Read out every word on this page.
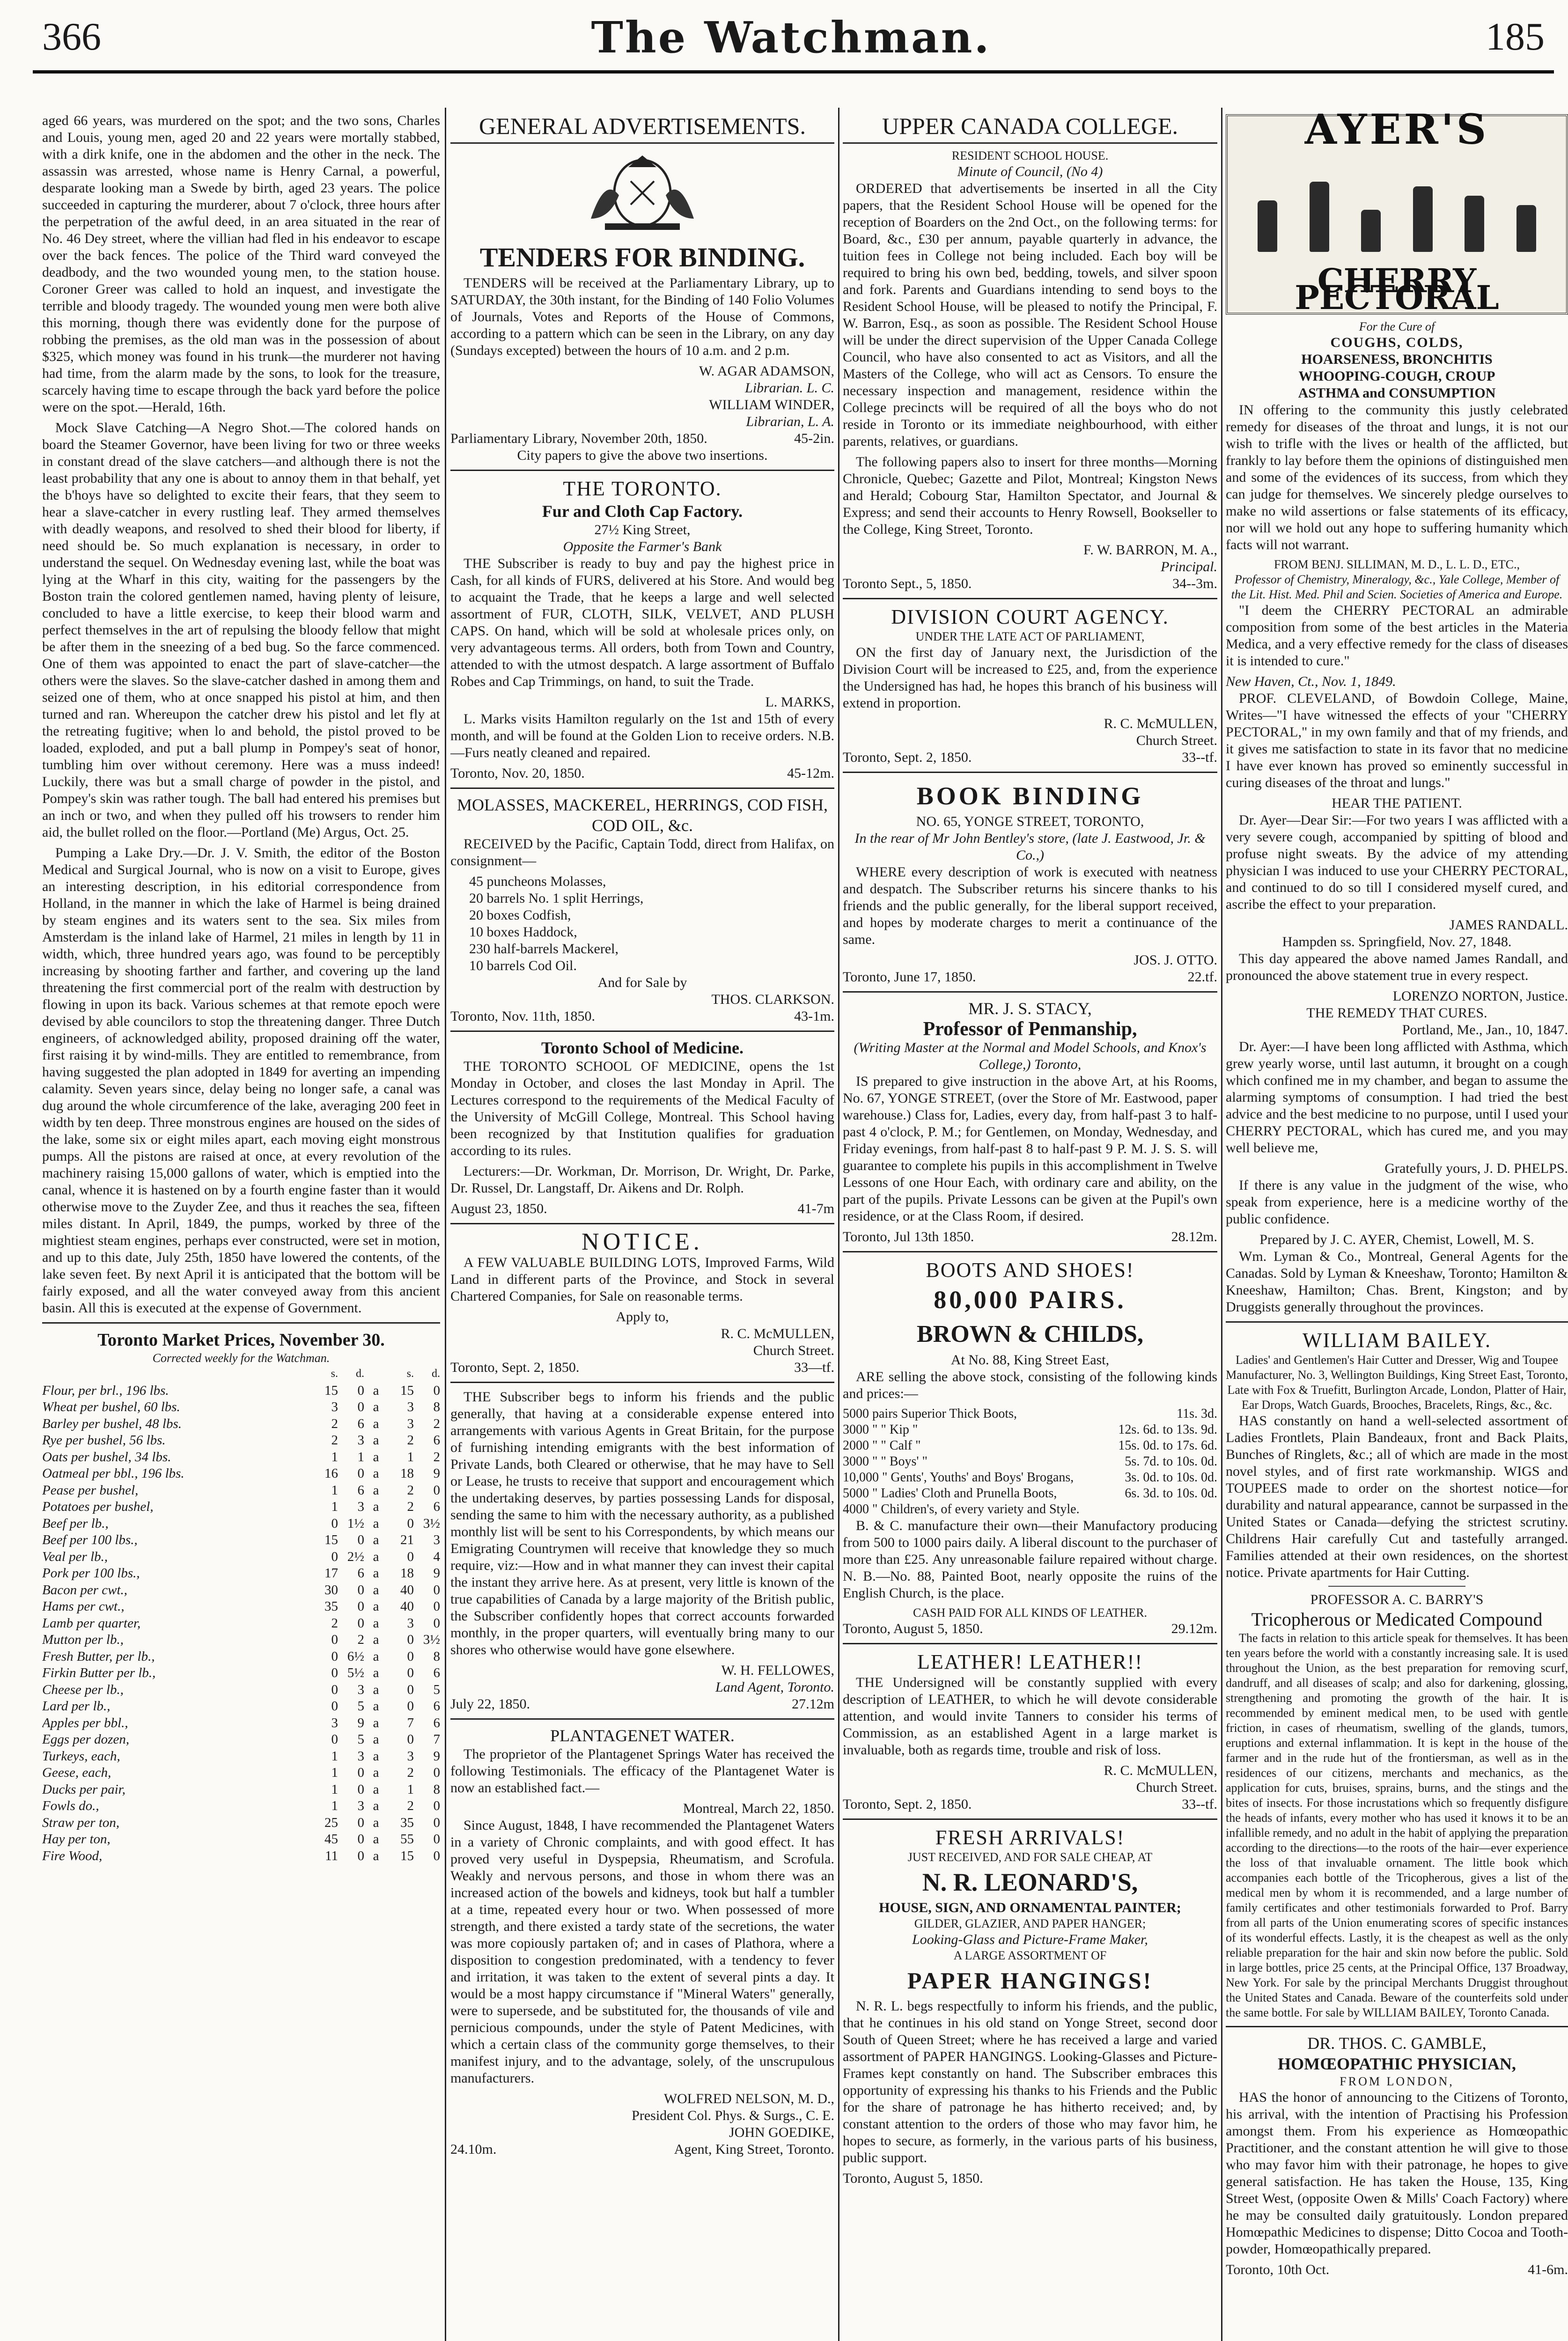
366	The Watchman.	185

aged 66 years, was murdered on the spot; and the two sons, Charles and Louis, young men, aged 20 and 22 years were mortally stabbed, with a dirk knife, one in the abdomen and the other in the neck. The assassin was arrested, whose name is Henry Carnal, a powerful, desparate looking man a Swede by birth, aged 23 years. The police succeeded in capturing the murderer, about 7 o'clock, three hours after the perpetration of the awful deed, in an area situated in the rear of No. 46 Dey street, where the villian had fled in his endeavor to escape over the back fences. The police of the Third ward conveyed the deadbody, and the two wounded young men, to the station house. Coroner Greer was called to hold an inquest, and investigate the terrible and bloody tragedy. The wounded young men were both alive this morning, though there was evidently done for the purpose of robbing the premises, as the old man was in the possession of about $325, which money was found in his trunk—the murderer not having had time, from the alarm made by the sons, to look for the treasure, scarcely having time to escape through the back yard before the police were on the spot.—Herald, 16th.

Mock Slave Catching—A Negro Shot.—The colored hands on board the Steamer Governor, have been living for two or three weeks in constant dread of the slave catchers—and although there is not the least probability that any one is about to annoy them in that behalf, yet the b'hoys have so delighted to excite their fears, that they seem to hear a slave-catcher in every rustling leaf. They armed themselves with deadly weapons, and resolved to shed their blood for liberty, if need should be. So much explanation is necessary, in order to understand the sequel. On Wednesday evening last, while the boat was lying at the Wharf in this city, waiting for the passengers by the Boston train the colored gentlemen named, having plenty of leisure, concluded to have a little exercise, to keep their blood warm and perfect themselves in the art of repulsing the bloody fellow that might be after them in the sneezing of a bed bug. So the farce commenced. One of them was appointed to enact the part of slave-catcher—the others were the slaves. So the slave-catcher dashed in among them and seized one of them, who at once snapped his pistol at him, and then turned and ran. Whereupon the catcher drew his pistol and let fly at the retreating fugitive; when lo and behold, the pistol proved to be loaded, exploded, and put a ball plump in Pompey's seat of honor, tumbling him over without ceremony. Here was a muss indeed! Luckily, there was but a small charge of powder in the pistol, and Pompey's skin was rather tough. The ball had entered his premises but an inch or two, and when they pulled off his trowsers to render him aid, the bullet rolled on the floor.—Portland (Me) Argus, Oct. 25.

Pumping a Lake Dry.—Dr. J. V. Smith, the editor of the Boston Medical and Surgical Journal, who is now on a visit to Europe, gives an interesting description, in his editorial correspondence from Holland, in the manner in which the lake of Harmel is being drained by steam engines and its waters sent to the sea. Six miles from Amsterdam is the inland lake of Harmel, 21 miles in length by 11 in width, which, three hundred years ago, was found to be perceptibly increasing by shooting farther and farther, and covering up the land threatening the first commercial port of the realm with destruction by flowing in upon its back. Various schemes at that remote epoch were devised by able councilors to stop the threatening danger. Three Dutch engineers, of acknowledged ability, proposed draining off the water, first raising it by wind-mills. They are entitled to remembrance, from having suggested the plan adopted in 1849 for averting an impending calamity. Seven years since, delay being no longer safe, a canal was dug around the whole circumference of the lake, averaging 200 feet in width by ten deep. Three monstrous engines are housed on the sides of the lake, some six or eight miles apart, each moving eight monstrous pumps. All the pistons are raised at once, at every revolution of the machinery raising 15,000 gallons of water, which is emptied into the canal, whence it is hastened on by a fourth engine faster than it would otherwise move to the Zuyder Zee, and thus it reaches the sea, fifteen miles distant. In April, 1849, the pumps, worked by three of the mightiest steam engines, perhaps ever constructed, were set in motion, and up to this date, July 25th, 1850 have lowered the contents, of the lake seven feet. By next April it is anticipated that the bottom will be fairly exposed, and all the water conveyed away from this ancient basin. All this is executed at the expense of Government.

Toronto Market Prices, November 30.
Corrected weekly for the Watchman.
	s.	d.		s.	d.
Flour, per brl., 196 lbs.	15	0	a	15	0
Wheat per bushel, 60 lbs.	3	0	a	3	8
Barley per bushel, 48 lbs.	2	6	a	3	2
Rye per bushel, 56 lbs.	2	3	a	2	6
Oats per bushel, 34 lbs.	1	1	a	1	2
Oatmeal per bbl., 196 lbs.	16	0	a	18	9
Pease per bushel,	1	6	a	2	0
Potatoes per bushel,	1	3	a	2	6
Beef per lb.,	0	1½	a	0	3½
Beef per 100 lbs.,	15	0	a	21	3
Veal per lb.,	0	2½	a	0	4
Pork per 100 lbs.,	17	6	a	18	9
Bacon per cwt.,	30	0	a	40	0
Hams per cwt.,	35	0	a	40	0
Lamb per quarter,	2	0	a	3	0
Mutton per lb.,	0	2	a	0	3½
Fresh Butter, per lb.,	0	6½	a	0	8
Firkin Butter per lb.,	0	5½	a	0	6
Cheese per lb.,	0	3	a	0	5
Lard per lb.,	0	5	a	0	6
Apples per bbl.,	3	9	a	7	6
Eggs per dozen,	0	5	a	0	7
Turkeys, each,	1	3	a	3	9
Geese, each,	1	0	a	2	0
Ducks per pair,	1	0	a	1	8
Fowls do.,	1	3	a	2	0
Straw per ton,	25	0	a	35	0
Hay per ton,	45	0	a	55	0
Fire Wood,	11	0	a	15	0
GENERAL ADVERTISEMENTS.
TENDERS FOR BINDING.

TENDERS will be received at the Parliamentary Library, up to SATURDAY, the 30th instant, for the Binding of 140 Folio Volumes of Journals, Votes and Reports of the House of Commons, according to a pattern which can be seen in the Library, on any day (Sundays excepted) between the hours of 10 a.m. and 2 p.m.

W. AGAR ADAMSON,
Librarian. L. C.
WILLIAM WINDER,
Librarian, L. A.
Parliamentary Library, November 20th, 1850.	45-2in.
City papers to give the above two insertions.
THE TORONTO.
Fur and Cloth Cap Factory.
27½ King Street,
Opposite the Farmer's Bank

THE Subscriber is ready to buy and pay the highest price in Cash, for all kinds of FURS, delivered at his Store. And would beg to acquaint the Trade, that he keeps a large and well selected assortment of FUR, CLOTH, SILK, VELVET, AND PLUSH CAPS. On hand, which will be sold at wholesale prices only, on very advantageous terms. All orders, both from Town and Country, attended to with the utmost despatch. A large assortment of Buffalo Robes and Cap Trimmings, on hand, to suit the Trade.

L. MARKS,

L. Marks visits Hamilton regularly on the 1st and 15th of every month, and will be found at the Golden Lion to receive orders. N.B.—Furs neatly cleaned and repaired.

Toronto, Nov. 20, 1850.	45-12m.
MOLASSES, MACKEREL, HERRINGS, COD FISH, COD OIL, &c.

RECEIVED by the Pacific, Captain Todd, direct from Halifax, on consignment—

45 puncheons Molasses,
20 barrels No. 1 split Herrings,
20 boxes Codfish,
10 boxes Haddock,
230 half-barrels Mackerel,
10 barrels Cod Oil.
And for Sale by
THOS. CLARKSON.
Toronto, Nov. 11th, 1850.	43-1m.
Toronto School of Medicine.

THE TORONTO SCHOOL OF MEDICINE, opens the 1st Monday in October, and closes the last Monday in April. The Lectures correspond to the requirements of the Medical Faculty of the University of McGill College, Montreal. This School having been recognized by that Institution qualifies for graduation according to its rules.

Lecturers:—Dr. Workman, Dr. Morrison, Dr. Wright, Dr. Parke, Dr. Russel, Dr. Langstaff, Dr. Aikens and Dr. Rolph.

August 23, 1850.	41-7m
NOTICE.

A FEW VALUABLE BUILDING LOTS, Improved Farms, Wild Land in different parts of the Province, and Stock in several Chartered Companies, for Sale on reasonable terms.

Apply to,
R. C. McMULLEN,
Church Street.
Toronto, Sept. 2, 1850.	33—tf.

THE Subscriber begs to inform his friends and the public generally, that having at a considerable expense entered into arrangements with various Agents in Great Britain, for the purpose of furnishing intending emigrants with the best information of Private Lands, both Cleared or otherwise, that he may have to Sell or Lease, he trusts to receive that support and encouragement which the undertaking deserves, by parties possessing Lands for disposal, sending the same to him with the necessary authority, as a published monthly list will be sent to his Correspondents, by which means our Emigrating Countrymen will receive that knowledge they so much require, viz:—How and in what manner they can invest their capital the instant they arrive here. As at present, very little is known of the true capabilities of Canada by a large majority of the British public, the Subscriber confidently hopes that correct accounts forwarded monthly, in the proper quarters, will eventually bring many to our shores who otherwise would have gone elsewhere.

W. H. FELLOWES,
Land Agent, Toronto.
July 22, 1850.	27.12m
PLANTAGENET WATER.

The proprietor of the Plantagenet Springs Water has received the following Testimonials. The efficacy of the Plantagenet Water is now an established fact.—

Montreal, March 22, 1850.

Since August, 1848, I have recommended the Plantagenet Waters in a variety of Chronic complaints, and with good effect. It has proved very useful in Dyspepsia, Rheumatism, and Scrofula. Weakly and nervous persons, and those in whom there was an increased action of the bowels and kidneys, took but half a tumbler at a time, repeated every hour or two. When possessed of more strength, and there existed a tardy state of the secretions, the water was more copiously partaken of; and in cases of Plathora, where a disposition to congestion predominated, with a tendency to fever and irritation, it was taken to the extent of several pints a day. It would be a most happy circumstance if "Mineral Waters" generally, were to supersede, and be substituted for, the thousands of vile and pernicious compounds, under the style of Patent Medicines, with which a certain class of the community gorge themselves, to their manifest injury, and to the advantage, solely, of the unscrupulous manufacturers.

WOLFRED NELSON, M. D.,
President Col. Phys. & Surgs., C. E.
JOHN GOEDIKE,
24.10m.	Agent, King Street, Toronto.
UPPER CANADA COLLEGE.
RESIDENT SCHOOL HOUSE.
Minute of Council, (No 4)

ORDERED that advertisements be inserted in all the City papers, that the Resident School House will be opened for the reception of Boarders on the 2nd Oct., on the following terms: for Board, &c., £30 per annum, payable quarterly in advance, the tuition fees in College not being included. Each boy will be required to bring his own bed, bedding, towels, and silver spoon and fork. Parents and Guardians intending to send boys to the Resident School House, will be pleased to notify the Principal, F. W. Barron, Esq., as soon as possible. The Resident School House will be under the direct supervision of the Upper Canada College Council, who have also consented to act as Visitors, and all the Masters of the College, who will act as Censors. To ensure the necessary inspection and management, residence within the College precincts will be required of all the boys who do not reside in Toronto or its immediate neighbourhood, with either parents, relatives, or guardians.

The following papers also to insert for three months—Morning Chronicle, Quebec; Gazette and Pilot, Montreal; Kingston News and Herald; Cobourg Star, Hamilton Spectator, and Journal & Express; and send their accounts to Henry Rowsell, Bookseller to the College, King Street, Toronto.

F. W. BARRON, M. A.,
Principal.
Toronto Sept., 5, 1850.	34--3m.
DIVISION COURT AGENCY.
UNDER THE LATE ACT OF PARLIAMENT,

ON the first day of January next, the Jurisdiction of the Division Court will be increased to £25, and, from the experience the Undersigned has had, he hopes this branch of his business will extend in proportion.

R. C. McMULLEN,
Church Street.
Toronto, Sept. 2, 1850.	33--tf.
BOOK BINDING
NO. 65, YONGE STREET, TORONTO,
In the rear of Mr John Bentley's store, (late J. Eastwood, Jr. & Co.,)

WHERE every description of work is executed with neatness and despatch. The Subscriber returns his sincere thanks to his friends and the public generally, for the liberal support received, and hopes by moderate charges to merit a continuance of the same.

JOS. J. OTTO.
Toronto, June 17, 1850.	22.tf.
MR. J. S. STACY,
Professor of Penmanship,
(Writing Master at the Normal and Model Schools, and Knox's College,) Toronto,

IS prepared to give instruction in the above Art, at his Rooms, No. 67, YONGE STREET, (over the Store of Mr. Eastwood, paper warehouse.) Class for, Ladies, every day, from half-past 3 to half-past 4 o'clock, P. M.; for Gentlemen, on Monday, Wednesday, and Friday evenings, from half-past 8 to half-past 9 P. M. J. S. S. will guarantee to complete his pupils in this accomplishment in Twelve Lessons of one Hour Each, with ordinary care and ability, on the part of the pupils. Private Lessons can be given at the Pupil's own residence, or at the Class Room, if desired.

Toronto, Jul 13th 1850.	28.12m.
BOOTS AND SHOES!
80,000 PAIRS.
BROWN & CHILDS,
At No. 88, King Street East,

ARE selling the above stock, consisting of the following kinds and prices:—

5000 pairs Superior Thick Boots,	11s. 3d.
3000 " " Kip "	12s. 6d. to 13s. 9d.
2000 " " Calf "	15s. 0d. to 17s. 6d.
3000 " " Boys' "	5s. 7d. to 10s. 0d.
10,000 " Gents', Youths' and Boys' Brogans,	3s. 0d. to 10s. 0d.
5000 " Ladies' Cloth and Prunella Boots,	6s. 3d. to 10s. 0d.
4000 " Children's, of every variety and Style.

B. & C. manufacture their own—their Manufactory producing from 500 to 1000 pairs daily. A liberal discount to the purchaser of more than £25. Any unreasonable failure repaired without charge. N. B.—No. 88, Painted Boot, nearly opposite the ruins of the English Church, is the place.

CASH PAID FOR ALL KINDS OF LEATHER.
Toronto, August 5, 1850.	29.12m.
LEATHER! LEATHER!!

THE Undersigned will be constantly supplied with every description of LEATHER, to which he will devote considerable attention, and would invite Tanners to consider his terms of Commission, as an established Agent in a large market is invaluable, both as regards time, trouble and risk of loss.

R. C. McMULLEN,
Church Street.
Toronto, Sept. 2, 1850.	33--tf.
FRESH ARRIVALS!
JUST RECEIVED, AND FOR SALE CHEAP, AT
N. R. LEONARD'S,
HOUSE, SIGN, AND ORNAMENTAL PAINTER;
GILDER, GLAZIER, AND PAPER HANGER;
Looking-Glass and Picture-Frame Maker,
A LARGE ASSORTMENT OF
PAPER HANGINGS!

N. R. L. begs respectfully to inform his friends, and the public, that he continues in his old stand on Yonge Street, second door South of Queen Street; where he has received a large and varied assortment of PAPER HANGINGS. Looking-Glasses and Picture-Frames kept constantly on hand. The Subscriber embraces this opportunity of expressing his thanks to his Friends and the Public for the share of patronage he has hitherto received; and, by constant attention to the orders of those who may favor him, he hopes to secure, as formerly, in the various parts of his business, public support.

Toronto, August 5, 1850.
AYER'S
CHERRY PECTORAL
For the Cure of
COUGHS, COLDS,
HOARSENESS, BRONCHITIS
WHOOPING-COUGH, CROUP
ASTHMA and CONSUMPTION

IN offering to the community this justly celebrated remedy for diseases of the throat and lungs, it is not our wish to trifle with the lives or health of the afflicted, but frankly to lay before them the opinions of distinguished men and some of the evidences of its success, from which they can judge for themselves. We sincerely pledge ourselves to make no wild assertions or false statements of its efficacy, nor will we hold out any hope to suffering humanity which facts will not warrant.

FROM BENJ. SILLIMAN, M. D., L. L. D., ETC.,
Professor of Chemistry, Mineralogy, &c., Yale College, Member of the Lit. Hist. Med. Phil and Scien. Societies of America and Europe.

"I deem the CHERRY PECTORAL an admirable composition from some of the best articles in the Materia Medica, and a very effective remedy for the class of diseases it is intended to cure."

New Haven, Ct., Nov. 1, 1849.

PROF. CLEVELAND, of Bowdoin College, Maine, Writes—"I have witnessed the effects of your "CHERRY PECTORAL," in my own family and that of my friends, and it gives me satisfaction to state in its favor that no medicine I have ever known has proved so eminently successful in curing diseases of the throat and lungs."

HEAR THE PATIENT.

Dr. Ayer—Dear Sir:—For two years I was afflicted with a very severe cough, accompanied by spitting of blood and profuse night sweats. By the advice of my attending physician I was induced to use your CHERRY PECTORAL, and continued to do so till I considered myself cured, and ascribe the effect to your preparation.

JAMES RANDALL.
Hampden ss. Springfield, Nov. 27, 1848.

This day appeared the above named James Randall, and pronounced the above statement true in every respect.

LORENZO NORTON, Justice.
THE REMEDY THAT CURES.
Portland, Me., Jan., 10, 1847.

Dr. Ayer:—I have been long afflicted with Asthma, which grew yearly worse, until last autumn, it brought on a cough which confined me in my chamber, and began to assume the alarming symptoms of consumption. I had tried the best advice and the best medicine to no purpose, until I used your CHERRY PECTORAL, which has cured me, and you may well believe me,

Gratefully yours, J. D. PHELPS.

If there is any value in the judgment of the wise, who speak from experience, here is a medicine worthy of the public confidence.

Prepared by J. C. AYER, Chemist, Lowell, M. S.

Wm. Lyman & Co., Montreal, General Agents for the Canadas. Sold by Lyman & Kneeshaw, Toronto; Hamilton & Kneeshaw, Hamilton; Chas. Brent, Kingston; and by Druggists generally throughout the provinces.

WILLIAM BAILEY.
Ladies' and Gentlemen's Hair Cutter and Dresser, Wig and Toupee Manufacturer, No. 3, Wellington Buildings, King Street East, Toronto, Late with Fox & Truefitt, Burlington Arcade, London, Platter of Hair, Ear Drops, Watch Guards, Brooches, Bracelets, Rings, &c., &c.

HAS constantly on hand a well-selected assortment of Ladies Frontlets, Plain Bandeaux, front and Back Plaits, Bunches of Ringlets, &c.; all of which are made in the most novel styles, and of first rate workmanship. WIGS and TOUPEES made to order on the shortest notice—for durability and natural appearance, cannot be surpassed in the United States or Canada—defying the strictest scrutiny. Childrens Hair carefully Cut and tastefully arranged. Families attended at their own residences, on the shortest notice. Private apartments for Hair Cutting.

PROFESSOR A. C. BARRY'S
Tricopherous or Medicated Compound

The facts in relation to this article speak for themselves. It has been ten years before the world with a constantly increasing sale. It is used throughout the Union, as the best preparation for removing scurf, dandruff, and all diseases of scalp; and also for darkening, glossing, strengthening and promoting the growth of the hair. It is recommended by eminent medical men, to be used with gentle friction, in cases of rheumatism, swelling of the glands, tumors, eruptions and external inflammation. It is kept in the house of the farmer and in the rude hut of the frontiersman, as well as in the residences of our citizens, merchants and mechanics, as the application for cuts, bruises, sprains, burns, and the stings and the bites of insects. For those incrustations which so frequently disfigure the heads of infants, every mother who has used it knows it to be an infallible remedy, and no adult in the habit of applying the preparation according to the directions—to the roots of the hair—ever experience the loss of that invaluable ornament. The little book which accompanies each bottle of the Tricopherous, gives a list of the medical men by whom it is recommended, and a large number of family certificates and other testimonials forwarded to Prof. Barry from all parts of the Union enumerating scores of specific instances of its wonderful effects. Lastly, it is the cheapest as well as the only reliable preparation for the hair and skin now before the public. Sold in large bottles, price 25 cents, at the Principal Office, 137 Broadway, New York. For sale by the principal Merchants Druggist throughout the United States and Canada. Beware of the counterfeits sold under the same bottle. For sale by WILLIAM BAILEY, Toronto Canada.

DR. THOS. C. GAMBLE,
HOMŒOPATHIC PHYSICIAN,
FROM LONDON,

HAS the honor of announcing to the Citizens of Toronto, his arrival, with the intention of Practising his Profession amongst them. From his experience as Homœopathic Practitioner, and the constant attention he will give to those who may favor him with their patronage, he hopes to give general satisfaction. He has taken the House, 135, King Street West, (opposite Owen & Mills' Coach Factory) where he may be consulted daily gratuitously. London prepared Homœpathic Medicines to dispense; Ditto Cocoa and Tooth-powder, Homœopathically prepared.

Toronto, 10th Oct.	41-6m.
